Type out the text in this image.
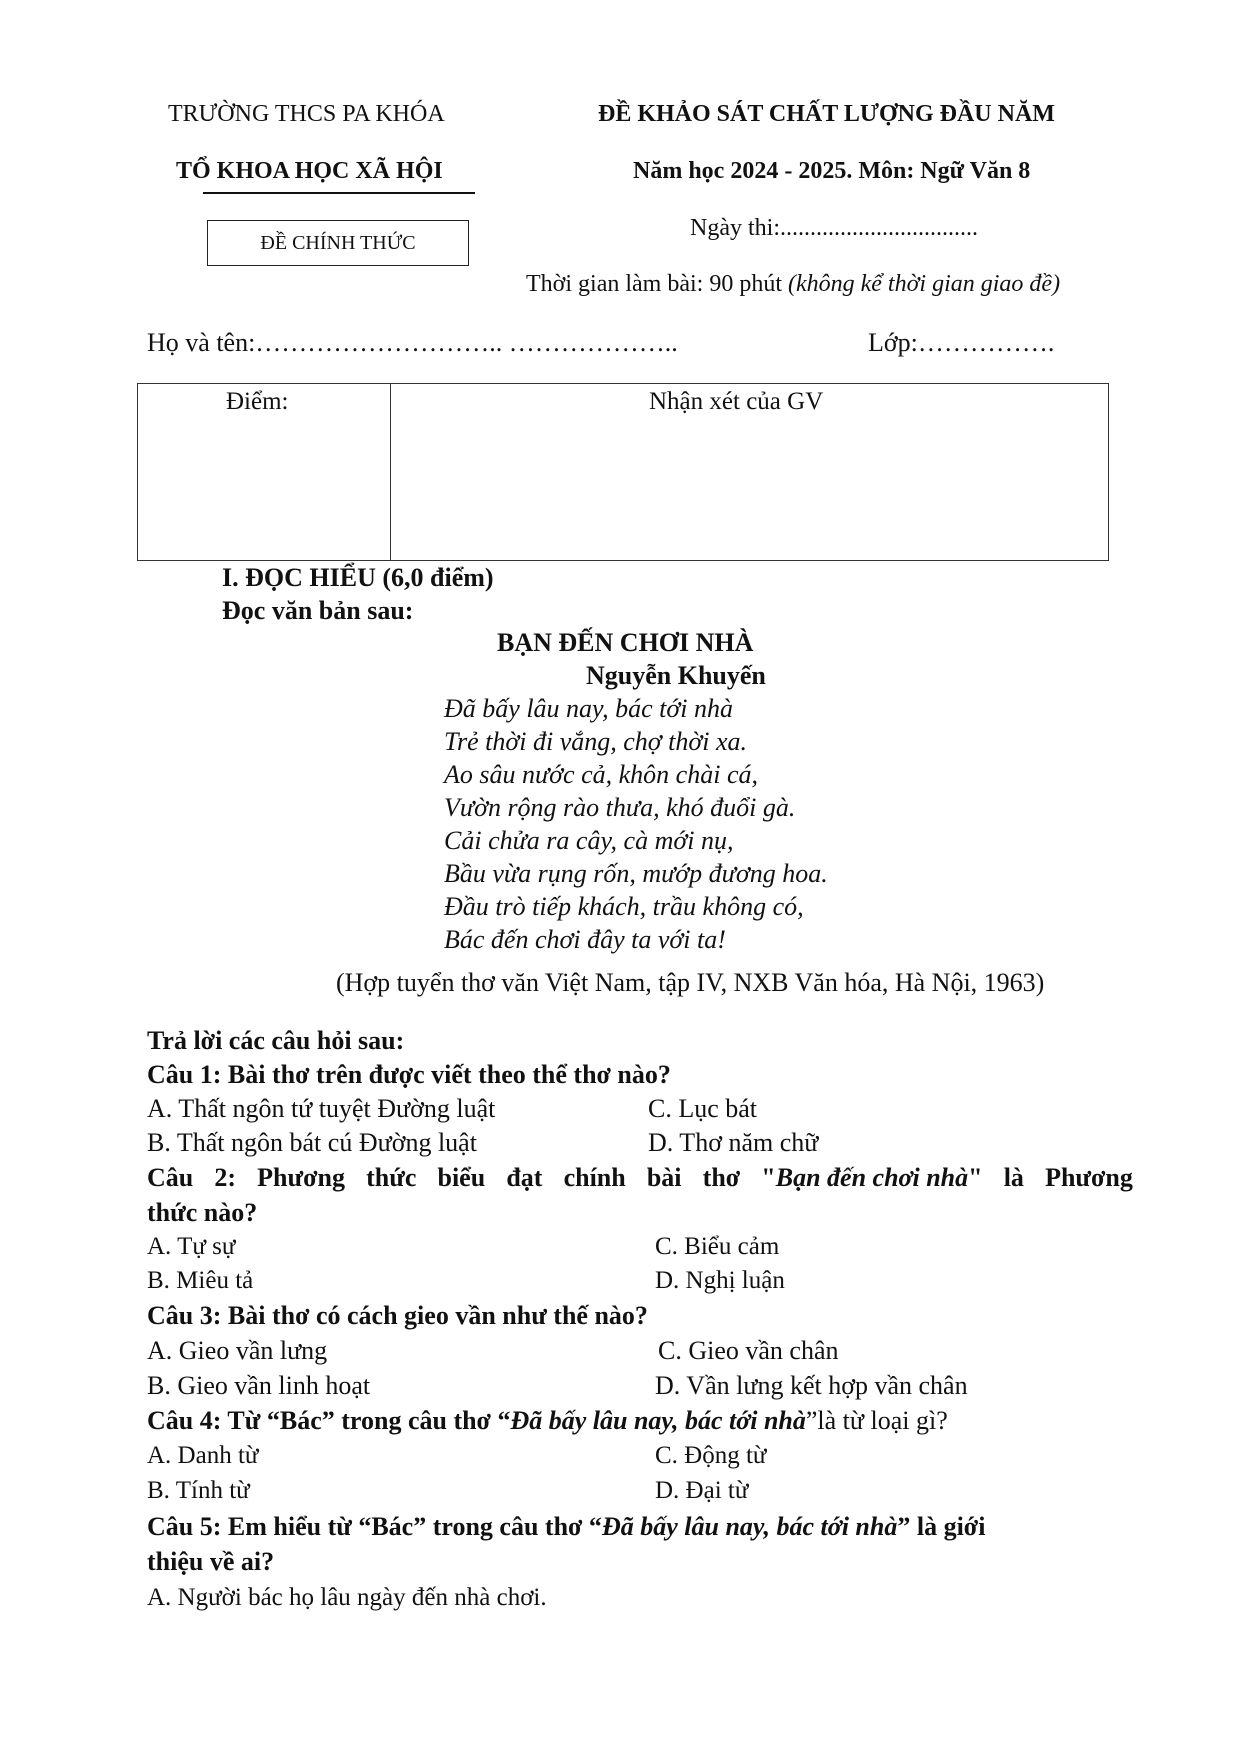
TRƯỜNG THCS PA KHÓA
TỔ KHOA HỌC XÃ HỘI
ĐỀ CHÍNH THỨC
ĐỀ KHẢO SÁT CHẤT LƯỢNG ĐẦU NĂM
Năm học 2024 - 2025. Môn: Ngữ Văn 8
Ngày thi:.................................
Thời gian làm bài: 90 phút (không kể thời gian giao đề)
Họ và tên:……………………….. ………………..	Lớp:…………….
Điểm:	Nhận xét của GV
I. ĐỌC HIỂU (6,0 điểm)
Đọc văn bản sau:
BẠN ĐẾN CHƠI NHÀ
Nguyễn Khuyến
Đã bấy lâu nay, bác tới nhà
Trẻ thời đi vắng, chợ thời xa.
Ao sâu nước cả, khôn chài cá,
Vườn rộng rào thưa, khó đuổi gà.
Cải chửa ra cây, cà mới nụ,
Bầu vừa rụng rốn, mướp đương hoa.
Đầu trò tiếp khách, trầu không có,
Bác đến chơi đây ta với ta!
(Hợp tuyển thơ văn Việt Nam, tập IV, NXB Văn hóa, Hà Nội, 1963)
Trả lời các câu hỏi sau:
Câu 1: Bài thơ trên được viết theo thể thơ nào?
A. Thất ngôn tứ tuyệt Đường luật	C. Lục bát
B. Thất ngôn bát cú Đường luật	D. Thơ năm chữ
Câu 2: Phương thức biểu đạt chính bài thơ "Bạn đến chơi nhà" là Phương
thức nào?
A. Tự sự	C. Biểu cảm
B. Miêu tả	D. Nghị luận
Câu 3: Bài thơ có cách gieo vần như thế nào?
A. Gieo vần lưng	C. Gieo vần chân
B. Gieo vần linh hoạt	D. Vần lưng kết hợp vần chân
Câu 4: Từ “Bác” trong câu thơ “Đã bấy lâu nay, bác tới nhà”là từ loại gì?
A. Danh từ	C. Động từ
B. Tính từ	D. Đại từ
Câu 5: Em hiểu từ “Bác” trong câu thơ “Đã bấy lâu nay, bác tới nhà” là giới
thiệu về ai?
A. Người bác họ lâu ngày đến nhà chơi.
